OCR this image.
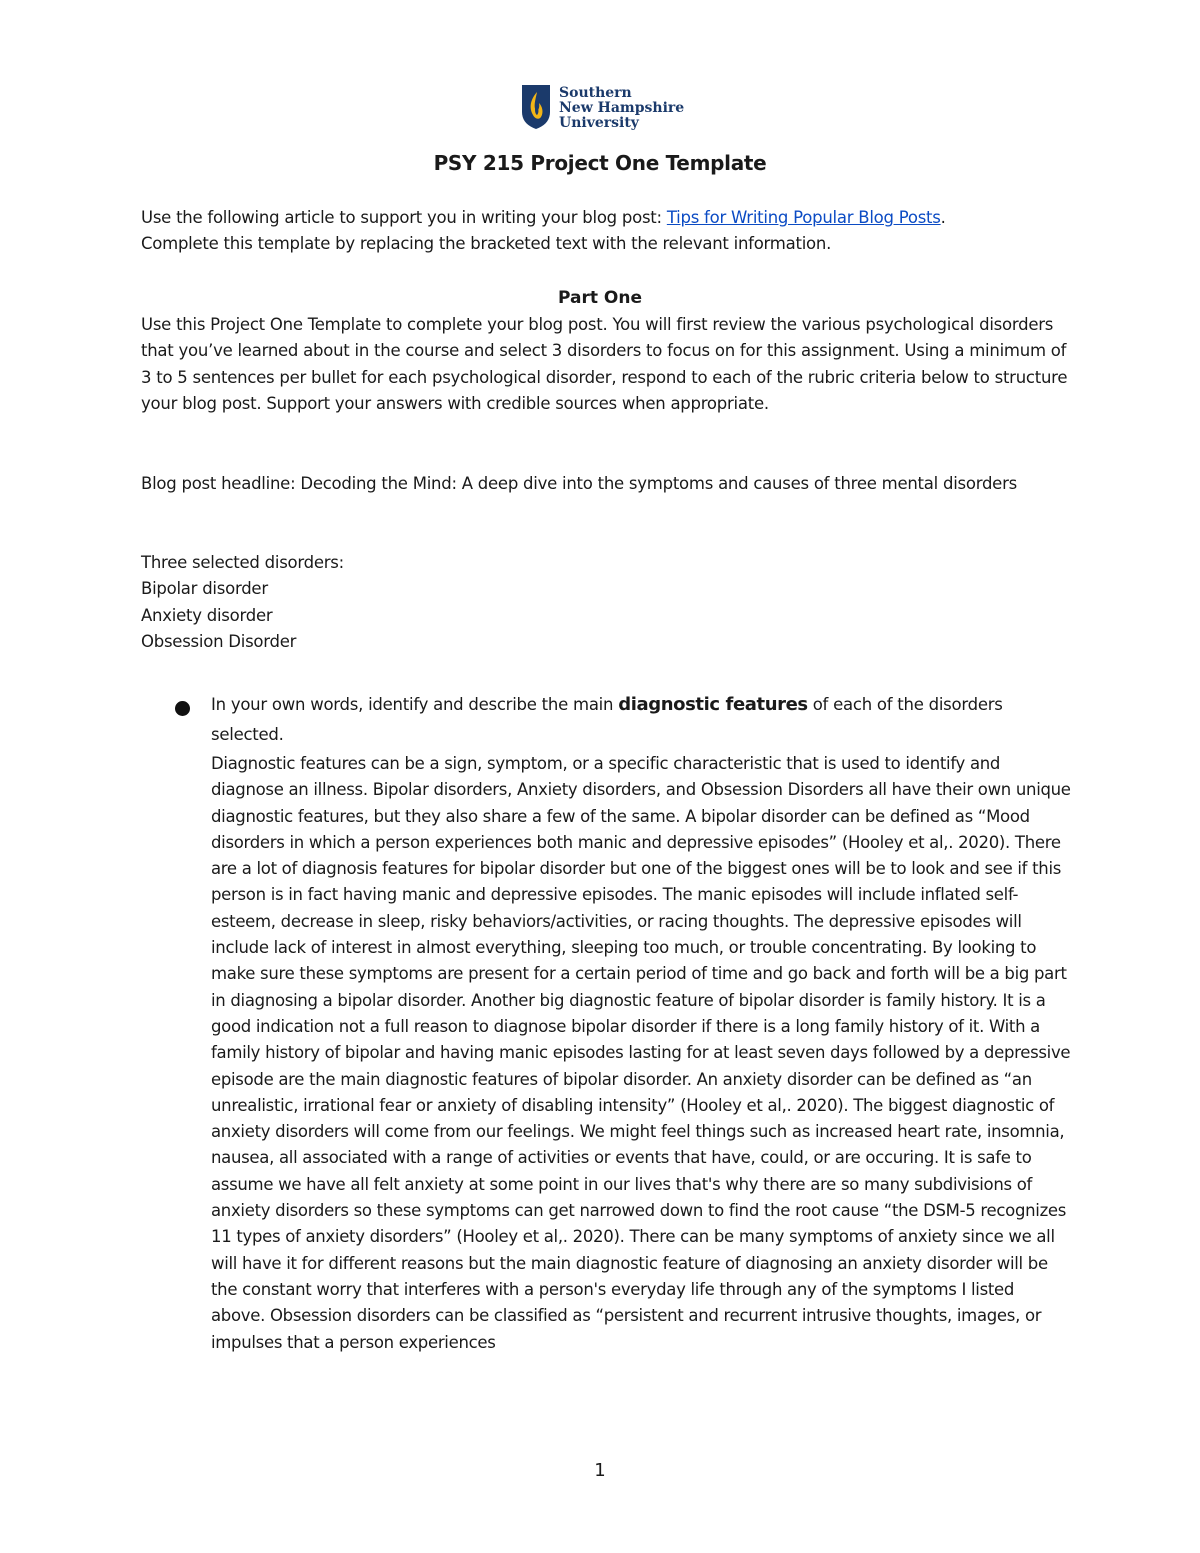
Southern
New Hampshire
University
PSY 215 Project One Template
Use the following article to support you in writing your blog post: Tips for Writing Popular Blog Posts.
Complete this template by replacing the bracketed text with the relevant information.
Part One
Use this Project One Template to complete your blog post. You will first review the various psychological disorders that you’ve learned about in the course and select 3 disorders to focus on for this assignment. Using a minimum of 3 to 5 sentences per bullet for each psychological disorder, respond to each of the rubric criteria below to structure your blog post. Support your answers with credible sources when appropriate.
Blog post headline: Decoding the Mind: A deep dive into the symptoms and causes of three mental disorders
Three selected disorders:
Bipolar disorder
Anxiety disorder
Obsession Disorder
In your own words, identify and describe the main diagnostic features of each of the disorders selected.
Diagnostic features can be a sign, symptom, or a specific characteristic that is used to identify and diagnose an illness. Bipolar disorders, Anxiety disorders, and Obsession Disorders all have their own unique diagnostic features, but they also share a few of the same. A bipolar disorder can be defined as “Mood disorders in which a person experiences both manic and depressive episodes” (Hooley et al,. 2020). There are a lot of diagnosis features for bipolar disorder but one of the biggest ones will be to look and see if this person is in fact having manic and depressive episodes. The manic episodes will include inflated self- esteem, decrease in sleep, risky behaviors/activities, or racing thoughts. The depressive episodes will include lack of interest in almost everything, sleeping too much, or trouble concentrating. By looking to make sure these symptoms are present for a certain period of time and go back and forth will be a big part in diagnosing a bipolar disorder. Another big diagnostic feature of bipolar disorder is family history. It is a good indication not a full reason to diagnose bipolar disorder if there is a long family history of it. With a family history of bipolar and having manic episodes lasting for at least seven days followed by a depressive episode are the main diagnostic features of bipolar disorder. An anxiety disorder can be defined as “an unrealistic, irrational fear or anxiety of disabling intensity” (Hooley et al,. 2020). The biggest diagnostic of anxiety disorders will come from our feelings. We might feel things such as increased heart rate, insomnia, nausea, all associated with a range of activities or events that have, could, or are occuring. It is safe to assume we have all felt anxiety at some point in our lives that's why there are so many subdivisions of anxiety disorders so these symptoms can get narrowed down to find the root cause “the DSM-5 recognizes 11 types of anxiety disorders” (Hooley et al,. 2020). There can be many symptoms of anxiety since we all will have it for different reasons but the main diagnostic feature of diagnosing an anxiety disorder will be the constant worry that interferes with a person's everyday life through any of the symptoms I listed above. Obsession disorders can be classified as “persistent and recurrent intrusive thoughts, images, or impulses that a person experiences
1
